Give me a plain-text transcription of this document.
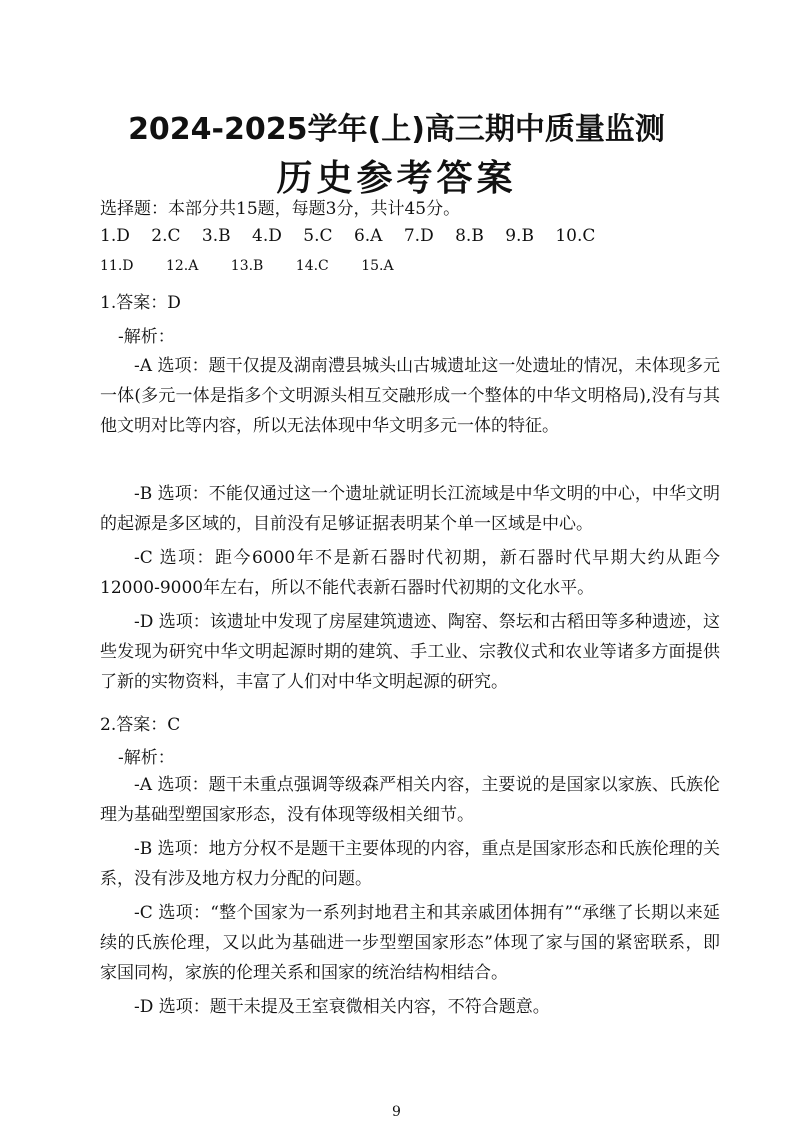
2024-2025学年(上)高三期中质量监测
历史参考答案
选择题：本部分共15题，每题3分，共计45分。
1.D 2.C 3.B 4.D 5.C 6.A 7.D 8.B 9.B 10.C
11.D 12.A 13.B 14.C 15.A
1.答案：D
-解析：
-A 选项：题干仅提及湖南澧县城头山古城遗址这一处遗址的情况，未体现多元一体(多元一体是指多个文明源头相互交融形成一个整体的中华文明格局),没有与其他文明对比等内容，所以无法体现中华文明多元一体的特征。
-B 选项：不能仅通过这一个遗址就证明长江流域是中华文明的中心，中华文明的起源是多区域的，目前没有足够证据表明某个单一区域是中心。
-C 选项：距今6000年不是新石器时代初期，新石器时代早期大约从距今12000-9000年左右，所以不能代表新石器时代初期的文化水平。
-D 选项：该遗址中发现了房屋建筑遗迹、陶窑、祭坛和古稻田等多种遗迹，这些发现为研究中华文明起源时期的建筑、手工业、宗教仪式和农业等诸多方面提供了新的实物资料，丰富了人们对中华文明起源的研究。
2.答案：C
-解析：
-A 选项：题干未重点强调等级森严相关内容，主要说的是国家以家族、氏族伦理为基础型塑国家形态，没有体现等级相关细节。
-B 选项：地方分权不是题干主要体现的内容，重点是国家形态和氏族伦理的关系，没有涉及地方权力分配的问题。
-C 选项：“整个国家为一系列封地君主和其亲戚团体拥有”“承继了长期以来延续的氏族伦理，又以此为基础进一步型塑国家形态”体现了家与国的紧密联系，即家国同构，家族的伦理关系和国家的统治结构相结合。
-D 选项：题干未提及王室衰微相关内容，不符合题意。
9
